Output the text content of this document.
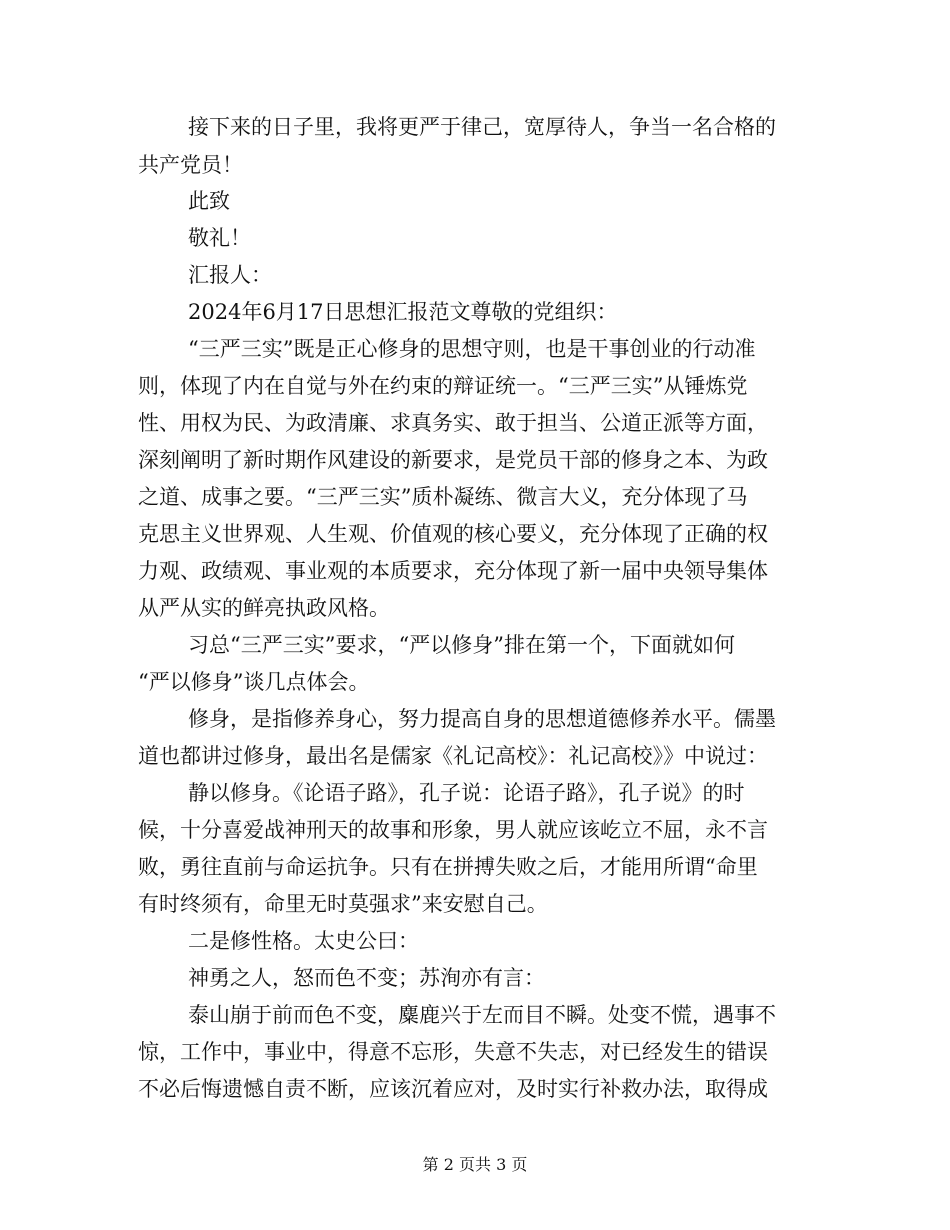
接下来的日子里，我将更严于律己，宽厚待人，争当一名合格的
共产党员！
此致
敬礼！
汇报人：
2024年6月17日思想汇报范文尊敬的党组织：
“三严三实”既是正心修身的思想守则，也是干事创业的行动准
则，体现了内在自觉与外在约束的辩证统一。“三严三实”从锤炼党
性、用权为民、为政清廉、求真务实、敢于担当、公道正派等方面，
深刻阐明了新时期作风建设的新要求，是党员干部的修身之本、为政
之道、成事之要。“三严三实”质朴凝练、微言大义，充分体现了马
克思主义世界观、人生观、价值观的核心要义，充分体现了正确的权
力观、政绩观、事业观的本质要求，充分体现了新一届中央领导集体
从严从实的鲜亮执政风格。
习总“三严三实”要求，“严以修身”排在第一个，下面就如何
“严以修身”谈几点体会。
修身，是指修养身心，努力提高自身的思想道德修养水平。儒墨
道也都讲过修身，最出名是儒家《礼记高校》：礼记高校》》中说过：
静以修身。《论语子路》，孔子说：论语子路》，孔子说》的时
候，十分喜爱战神刑天的故事和形象，男人就应该屹立不屈，永不言
败，勇往直前与命运抗争。只有在拼搏失败之后，才能用所谓“命里
有时终须有，命里无时莫强求”来安慰自己。
二是修性格。太史公曰：
神勇之人，怒而色不变；苏洵亦有言：
泰山崩于前而色不变，麋鹿兴于左而目不瞬。处变不慌，遇事不
惊，工作中，事业中，得意不忘形，失意不失志，对已经发生的错误
不必后悔遗憾自责不断，应该沉着应对，及时实行补救办法，取得成
第 2 页共 3 页
